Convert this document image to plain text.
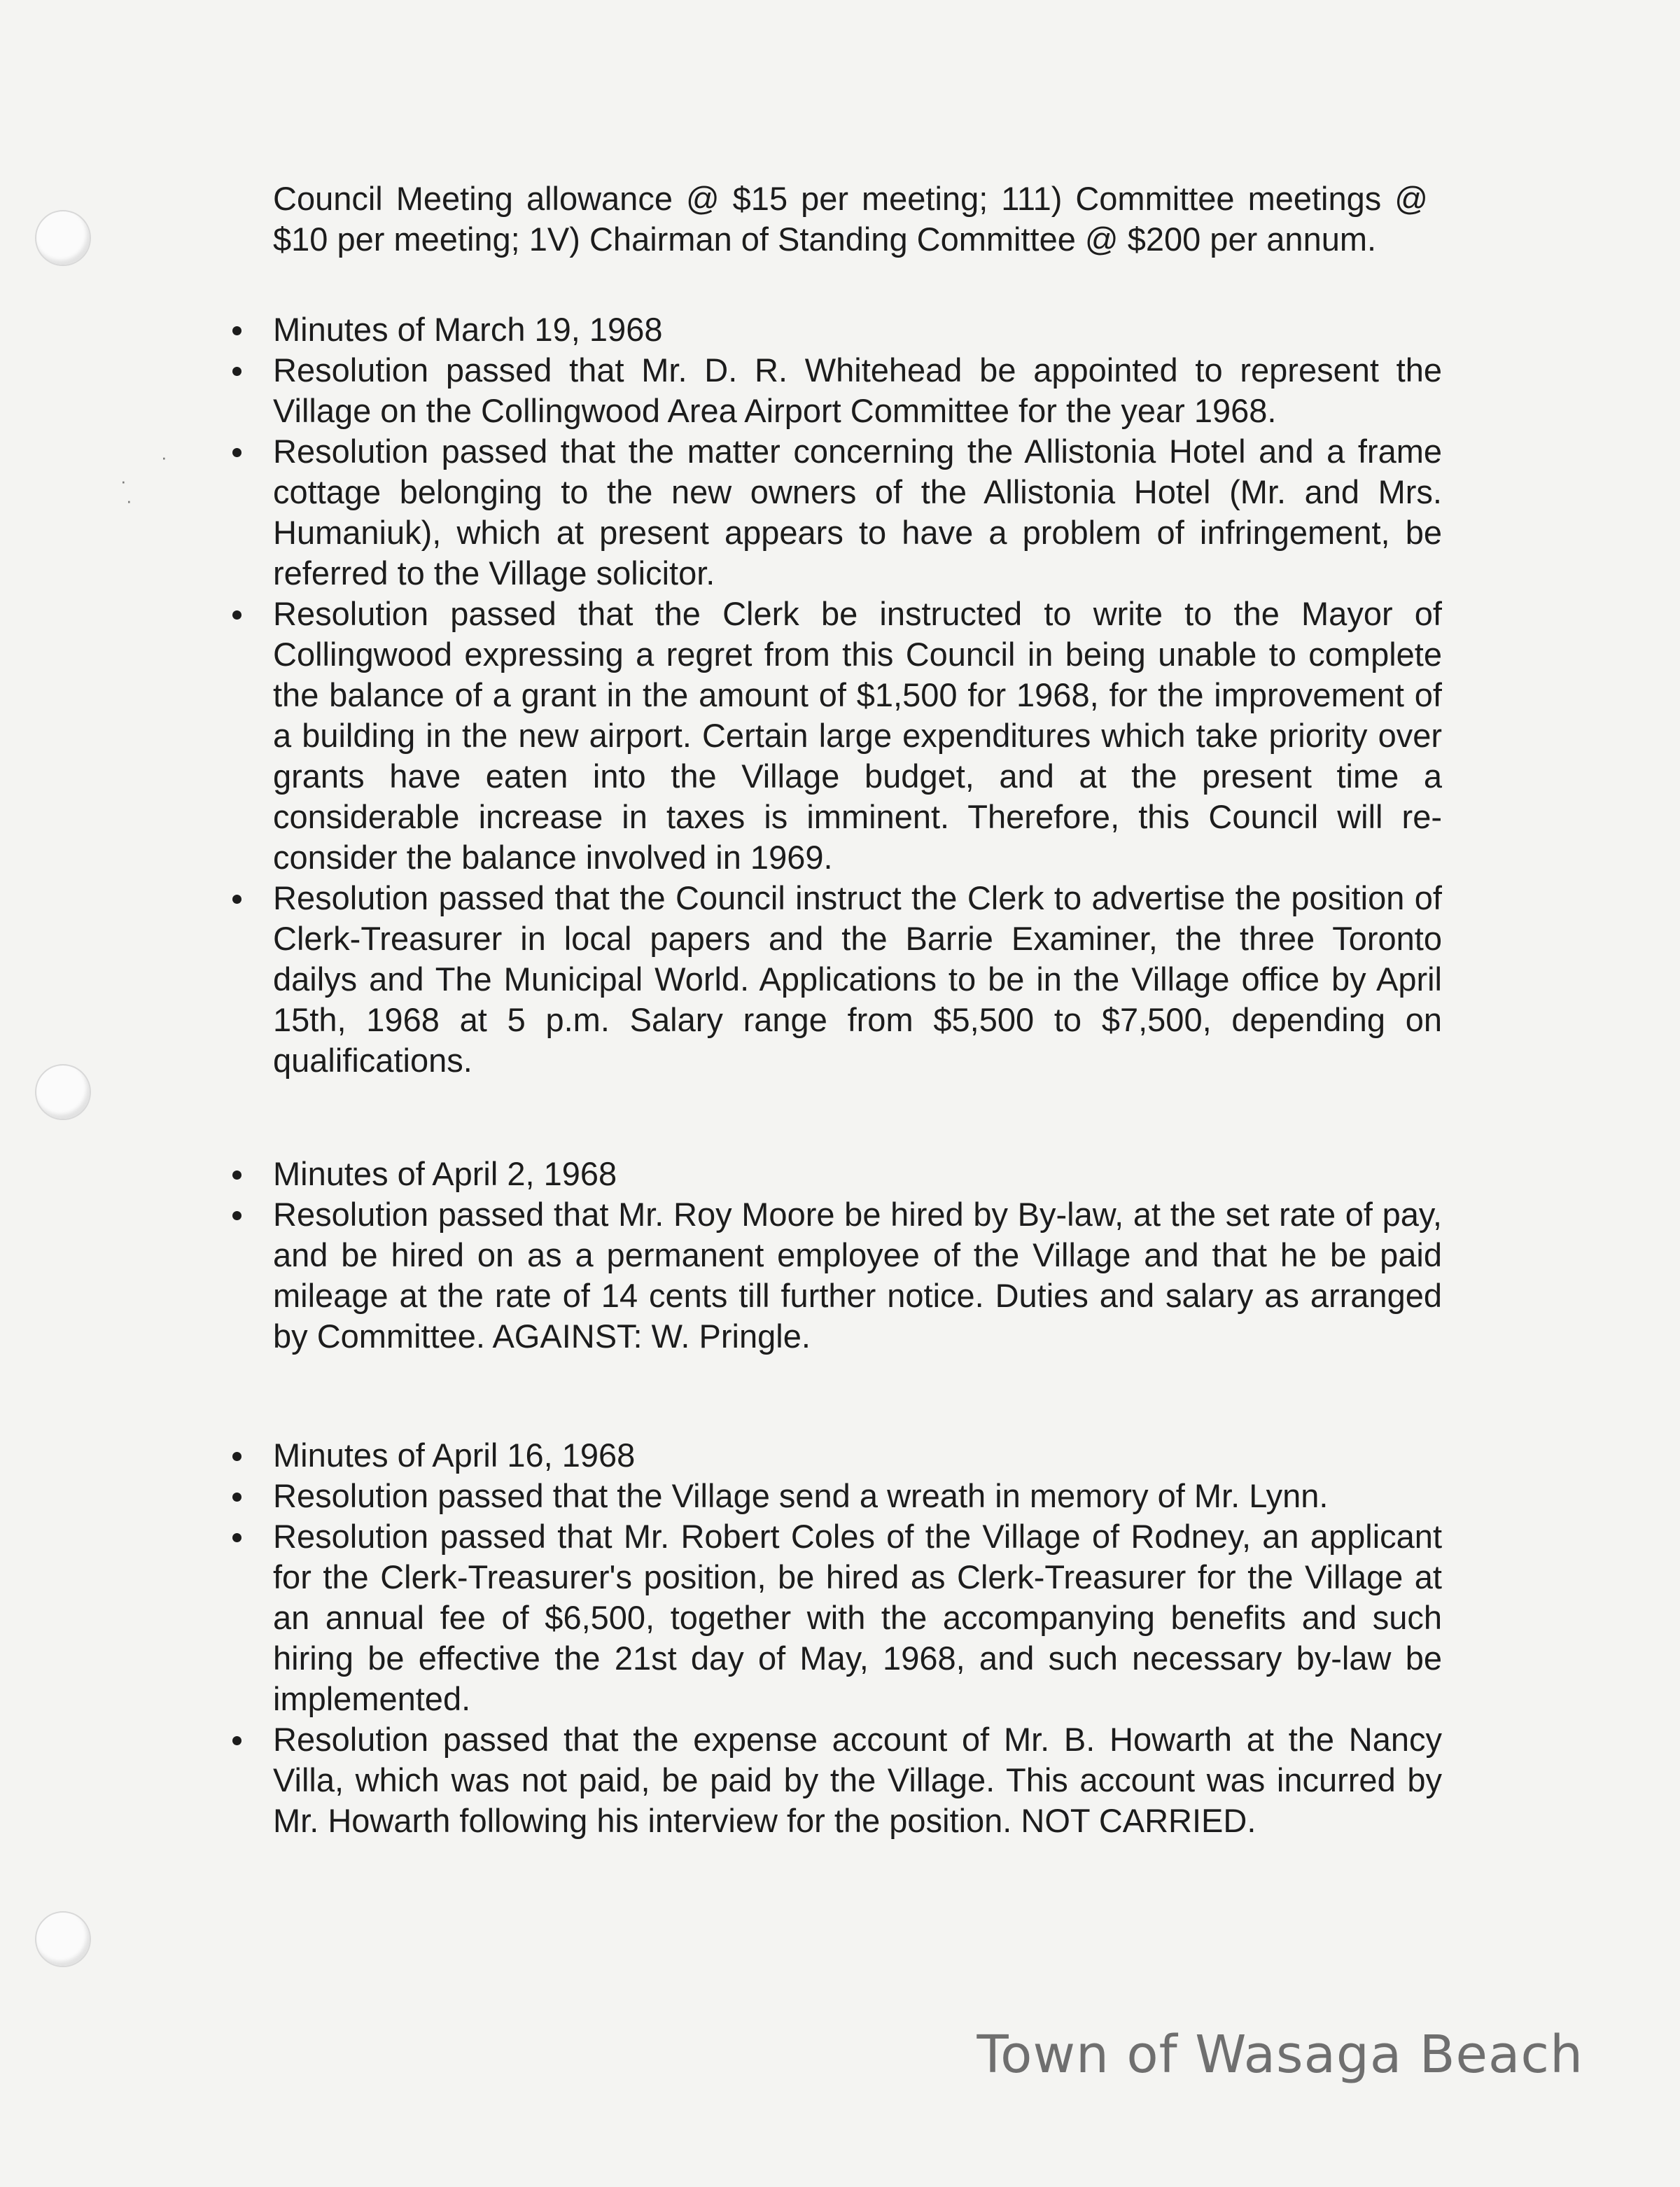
Council Meeting allowance @ $15 per meeting; 111) Committee meetings @ $10 per meeting; 1V) Chairman of Standing Committee @ $200 per annum.

Minutes of March 19, 1968
Resolution passed that Mr. D. R. Whitehead be appointed to represent the Village on the Collingwood Area Airport Committee for the year 1968.
Resolution passed that the matter concerning the Allistonia Hotel and a frame cottage belonging to the new owners of the Allistonia Hotel (Mr. and Mrs. Humaniuk), which at present appears to have a problem of infringement, be referred to the Village solicitor.
Resolution passed that the Clerk be instructed to write to the Mayor of Collingwood expressing a regret from this Council in being unable to complete the balance of a grant in the amount of $1,500 for 1968, for the improvement of a building in the new airport. Certain large expenditures which take priority over grants have eaten into the Village budget, and at the present time a considerable increase in taxes is imminent. Therefore, this Council will re-consider the balance involved in 1969.
Resolution passed that the Council instruct the Clerk to advertise the position of Clerk-Treasurer in local papers and the Barrie Examiner, the three Toronto dailys and The Municipal World. Applications to be in the Village office by April 15th, 1968 at 5 p.m. Salary range from $5,500 to $7,500, depending on qualifications.
Minutes of April 2, 1968
Resolution passed that Mr. Roy Moore be hired by By-law, at the set rate of pay, and be hired on as a permanent employee of the Village and that he be paid mileage at the rate of 14 cents till further notice. Duties and salary as arranged by Committee. AGAINST: W. Pringle.
Minutes of April 16, 1968
Resolution passed that the Village send a wreath in memory of Mr. Lynn.
Resolution passed that Mr. Robert Coles of the Village of Rodney, an applicant for the Clerk-Treasurer's position, be hired as Clerk-Treasurer for the Village at an annual fee of $6,500, together with the accompanying benefits and such hiring be effective the 21st day of May, 1968, and such necessary by-law be implemented.
Resolution passed that the expense account of Mr. B. Howarth at the Nancy Villa, which was not paid, be paid by the Village. This account was incurred by Mr. Howarth following his interview for the position. NOT CARRIED.
Town of Wasaga Beach
·
·
·
